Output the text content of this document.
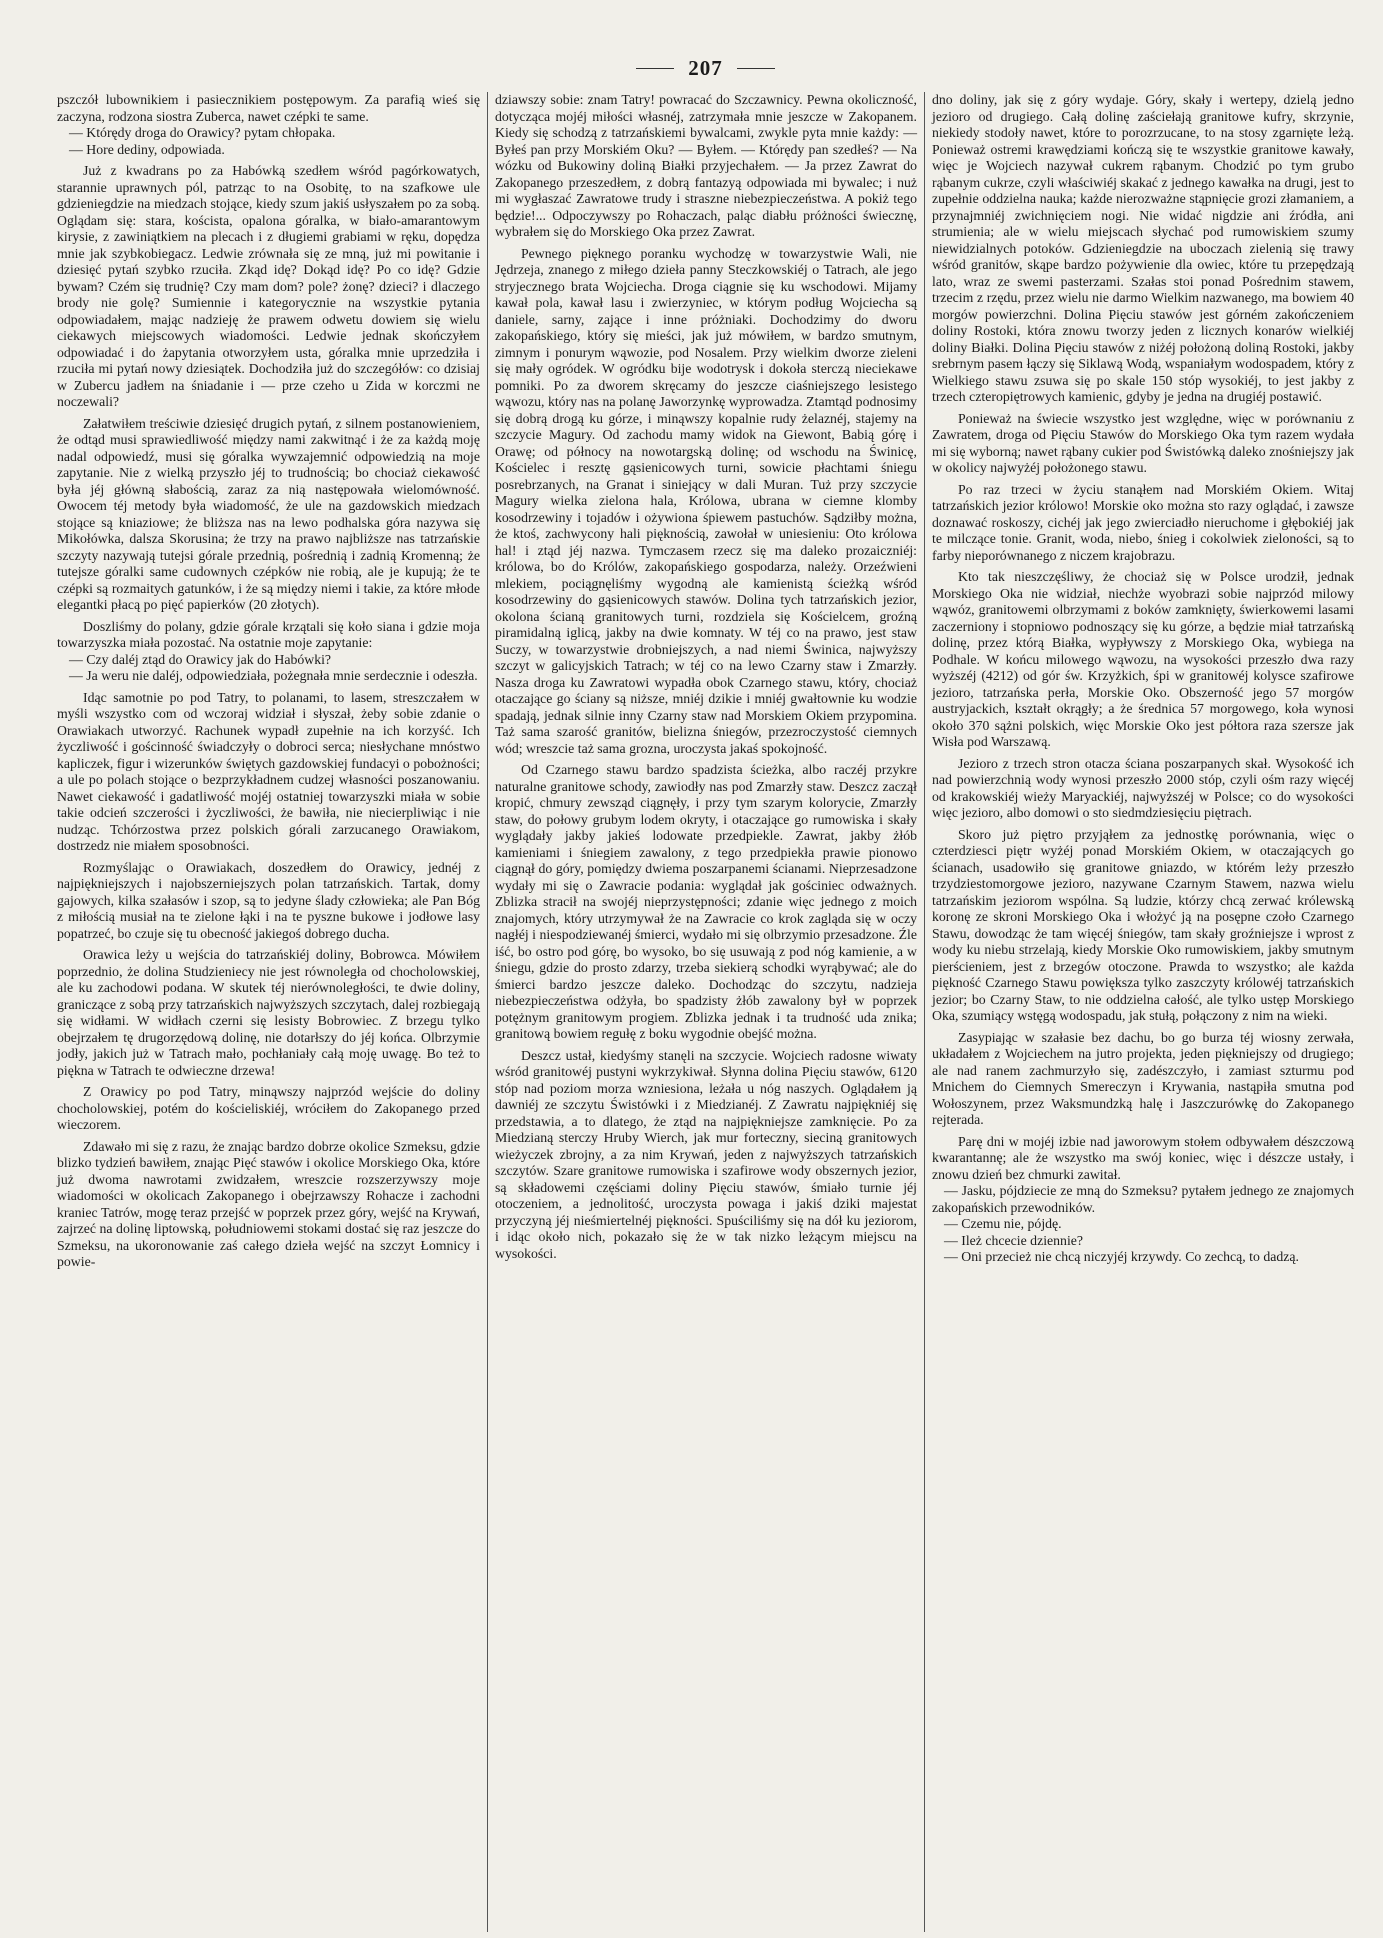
207

pszczół lubownikiem i pasiecznikiem postępowym. Za parafią wieś się zaczyna, rodzona siostra Zuberca, nawet czépki te same.

— Którędy droga do Orawicy? pytam chłopaka.

— Hore dediny, odpowiada.

Już z kwadrans po za Habówką szedłem wśród pagórkowatych, starannie uprawnych pól, patrząc to na Osobitę, to na szafkowe ule gdzieniegdzie na miedzach stojące, kiedy szum jakiś usłyszałem po za sobą. Oglądam się: stara, koścista, opalona góralka, w biało-amarantowym kirysie, z zawiniątkiem na plecach i z długiemi grabiami w ręku, dopędza mnie jak szybkobiegacz. Ledwie zrównała się ze mną, już mi powitanie i dziesięć pytań szybko rzuciła. Zkąd idę? Dokąd idę? Po co idę? Gdzie bywam? Czém się trudnię? Czy mam dom? pole? żonę? dzieci? i dlaczego brody nie golę? Sumiennie i kategorycznie na wszystkie pytania odpowiadałem, mając nadzieję że prawem odwetu dowiem się wielu ciekawych miejscowych wiadomości. Ledwie jednak skończyłem odpowiadać i do żapytania otworzyłem usta, góralka mnie uprzedziła i rzuciła mi pytań nowy dziesiątek. Dochodziła już do szczegółów: co dzisiaj w Zubercu jadłem na śniadanie i — prze czeho u Zida w korczmi ne noczewali?

Załatwiłem treściwie dziesięć drugich pytań, z silnem postanowieniem, że odtąd musi sprawiedliwość między nami zakwitnąć i że za każdą moję nadal odpowiedź, musi się góralka wywzajemnić odpowiedzią na moje zapytanie. Nie z wielką przyszło jéj to trudnością; bo chociaż ciekawość była jéj główną słabością, zaraz za nią następowała wielomówność. Owocem téj metody była wiadomość, że ule na gazdowskich miedzach stojące są kniaziowe; że bliższa nas na lewo podhalska góra nazywa się Mikołówka, dalsza Skorusina; że trzy na prawo najbliższe nas tatrzańskie szczyty nazywają tutejsi górale przednią, pośrednią i zadnią Kromenną; że tutejsze góralki same cudownych czépków nie robią, ale je kupują; że te czépki są rozmaitych gatunków, i że są między niemi i takie, za które młode elegantki płacą po pięć papierków (20 złotych).

Doszliśmy do polany, gdzie górale krzątali się koło siana i gdzie moja towarzyszka miała pozostać. Na ostatnie moje zapytanie:

— Czy daléj ztąd do Orawicy jak do Habówki?

— Ja weru nie daléj, odpowiedziała, pożegnała mnie serdecznie i odeszła.

Idąc samotnie po pod Tatry, to polanami, to lasem, streszczałem w myśli wszystko com od wczoraj widział i słyszał, żeby sobie zdanie o Orawiakach utworzyć. Rachunek wypadł zupełnie na ich korzyść. Ich życzliwość i gościnność świadczyły o dobroci serca; niesłychane mnóstwo kapliczek, figur i wizerunków świętych gazdowskiej fundacyi o pobożności; a ule po polach stojące o bezprzykładnem cudzej własności poszanowaniu. Nawet ciekawość i gadatliwość mojéj ostatniej towarzyszki miała w sobie takie odcień szczerości i życzliwości, że bawiła, nie niecierpliwiąc i nie nudząc. Tchórzostwa przez polskich górali zarzucanego Orawiakom, dostrzedz nie miałem sposobności.

Rozmyślając o Orawiakach, doszedłem do Orawicy, jednéj z najpiękniejszych i najobszerniejszych polan tatrzańskich. Tartak, domy gajowych, kilka szałasów i szop, są to jedyne ślady człowieka; ale Pan Bóg z miłością musiał na te zielone łąki i na te pyszne bukowe i jodłowe lasy popatrzeć, bo czuje się tu obecność jakiegoś dobrego ducha.

Orawica leży u wejścia do tatrzańskiéj doliny, Bobrowca. Mówiłem poprzednio, że dolina Studzieniecy nie jest równoległa od chocholowskiej, ale ku zachodowi podana. W skutek téj nierównoległości, te dwie doliny, graniczące z sobą przy tatrzańskich najwyższych szczytach, dalej rozbiegają się widłami. W widłach czerni się lesisty Bobrowiec. Z brzegu tylko obejrzałem tę drugorzędową dolinę, nie dotarłszy do jéj końca. Olbrzymie jodły, jakich już w Tatrach mało, pochłaniały całą moję uwagę. Bo też to piękna w Tatrach te odwieczne drzewa!

Z Orawicy po pod Tatry, minąwszy najprzód wejście do doliny chocholowskiej, potém do kościeliskiéj, wróciłem do Zakopanego przed wieczorem.

Zdawało mi się z razu, że znając bardzo dobrze okolice Szmeksu, gdzie blizko tydzień bawiłem, znając Pięć stawów i okolice Morskiego Oka, które już dwoma nawrotami zwidzałem, wreszcie rozszerzywszy moje wiadomości w okolicach Zakopanego i obejrzawszy Rohacze i zachodni kraniec Tatrów, mogę teraz przejść w poprzek przez góry, wejść na Krywań, zajrzeć na dolinę liptowską, południowemi stokami dostać się raz jeszcze do Szmeksu, na ukoronowanie zaś całego dzieła wejść na szczyt Łomnicy i powie-

dziawszy sobie: znam Tatry! powracać do Szczawnicy. Pewna okoliczność, dotycząca mojéj miłości własnéj, zatrzymała mnie jeszcze w Zakopanem. Kiedy się schodzą z tatrzańskiemi bywalcami, zwykle pyta mnie każdy: — Byłeś pan przy Morskiém Oku? — Byłem. — Którędy pan szedłeś? — Na wózku od Bukowiny doliną Białki przyjechałem. — Ja przez Zawrat do Zakopanego przeszedłem, z dobrą fantazyą odpowiada mi bywalec; i nuż mi wygłaszać Zawratowe trudy i straszne niebezpieczeństwa. A pokiż tego będzie!... Odpoczywszy po Rohaczach, paląc diabłu próżności świecznę, wybrałem się do Morskiego Oka przez Zawrat.

Pewnego pięknego poranku wychodzę w towarzystwie Wali, nie Jędrzeja, znanego z miłego dzieła panny Steczkowskiéj o Tatrach, ale jego stryjecznego brata Wojciecha. Droga ciągnie się ku wschodowi. Mijamy kawał pola, kawał lasu i zwierzyniec, w którym podług Wojciecha są daniele, sarny, zające i inne próżniaki. Dochodzimy do dworu zakopańskiego, który się mieści, jak już mówiłem, w bardzo smutnym, zimnym i ponurym wąwozie, pod Nosalem. Przy wielkim dworze zieleni się mały ogródek. W ogródku bije wodotrysk i dokoła sterczą nieciekawe pomniki. Po za dworem skręcamy do jeszcze ciaśniejszego lesistego wąwozu, który nas na polanę Jaworzynkę wyprowadza. Ztamtąd podnosimy się dobrą drogą ku górze, i minąwszy kopalnie rudy żelaznéj, stajemy na szczycie Magury. Od zachodu mamy widok na Giewont, Babią górę i Orawę; od północy na nowotargską dolinę; od wschodu na Świnicę, Kościelec i resztę gąsienicowych turni, sowicie płachtami śniegu posrebrzanych, na Granat i siniejący w dali Muran. Tuż przy szczycie Magury wielka zielona hala, Królowa, ubrana w ciemne klomby kosodrzewiny i tojadów i ożywiona śpiewem pastuchów. Sądziłby można, że ktoś, zachwycony hali pięknością, zawołał w uniesieniu: Oto królowa hal! i ztąd jéj nazwa. Tymczasem rzecz się ma daleko prozaiczniéj: królowa, bo do Królów, zakopańskiego gospodarza, należy. Orzeźwieni mlekiem, pociągnęliśmy wygodną ale kamienistą ścieżką wśród kosodrzewiny do gąsienicowych stawów. Dolina tych tatrzańskich jezior, okolona ścianą granitowych turni, rozdziela się Kościelcem, groźną piramidalną iglicą, jakby na dwie komnaty. W téj co na prawo, jest staw Suczy, w towarzystwie drobniejszych, a nad niemi Świnica, najwyższy szczyt w galicyjskich Tatrach; w téj co na lewo Czarny staw i Zmarzły. Nasza droga ku Zawratowi wypadła obok Czarnego stawu, który, chociaż otaczające go ściany są niższe, mniéj dzikie i mniéj gwałtownie ku wodzie spadają, jednak silnie inny Czarny staw nad Morskiem Okiem przypomina. Taż sama szarość granitów, bielizna śniegów, przezroczystość ciemnych wód; wreszcie taż sama grozna, uroczysta jakaś spokojność.

Od Czarnego stawu bardzo spadzista ścieżka, albo raczéj przykre naturalne granitowe schody, zawiodły nas pod Zmarzły staw. Deszcz zaczął kropić, chmury zewsząd ciągnęły, i przy tym szarym kolorycie, Zmarzły staw, do połowy grubym lodem okryty, i otaczające go rumowiska i skały wyglądały jakby jakieś lodowate przedpiekle. Zawrat, jakby żłób kamieniami i śniegiem zawalony, z tego przedpiekła prawie pionowo ciągnął do góry, pomiędzy dwiema poszarpanemi ścianami. Nieprzesadzone wydały mi się o Zawracie podania: wyglądał jak gościniec odważnych. Zblizka stracił na swojéj nieprzystępności; zdanie więc jednego z moich znajomych, który utrzymywał że na Zawracie co krok zagląda się w oczy nagłéj i niespodziewanéj śmierci, wydało mi się olbrzymio przesadzone. Źle iść, bo ostro pod górę, bo wysoko, bo się usuwają z pod nóg kamienie, a w śniegu, gdzie do prosto zdarzy, trzeba siekierą schodki wyrąbywać; ale do śmierci bardzo jeszcze daleko. Dochodząc do szczytu, nadzieja niebezpieczeństwa odżyła, bo spadzisty żłób zawalony był w poprzek potężnym granitowym progiem. Zblizka jednak i ta trudność uda znika; granitową bowiem regułę z boku wygodnie obejść można.

Deszcz ustał, kiedyśmy stanęli na szczycie. Wojciech radosne wiwaty wśród granitowéj pustyni wykrzykiwał. Słynna dolina Pięciu stawów, 6120 stóp nad poziom morza wzniesiona, leżała u nóg naszych. Oglądałem ją dawniéj ze szczytu Świstówki i z Miedzianéj. Z Zawratu najpiękniéj się przedstawia, a to dlatego, że ztąd na najpiękniejsze zamknięcie. Po za Miedzianą sterczy Hruby Wierch, jak mur forteczny, sieciną granitowych wieżyczek zbrojny, a za nim Krywań, jeden z najwyższych tatrzańskich szczytów. Szare granitowe rumowiska i szafirowe wody obszernych jezior, są składowemi częściami doliny Pięciu stawów, śmiało turnie jéj otoczeniem, a jednolitość, uroczysta powaga i jakiś dziki majestat przyczyną jéj nieśmiertelnéj piękności. Spuściliśmy się na dół ku jeziorom, i idąc około nich, pokazało się że w tak nizko leżącym miejscu na wysokości.

dno doliny, jak się z góry wydaje. Góry, skały i wertepy, dzielą jedno jezioro od drugiego. Całą dolinę zaściełają granitowe kufry, skrzynie, niekiedy stodoły nawet, które to porozrzucane, to na stosy zgarnięte leżą. Ponieważ ostremi krawędziami kończą się te wszystkie granitowe kawały, więc je Wojciech nazywał cukrem rąbanym. Chodzić po tym grubo rąbanym cukrze, czyli właściwiéj skakać z jednego kawałka na drugi, jest to zupełnie oddzielna nauka; każde nierozważne stąpnięcie grozi złamaniem, a przynajmniéj zwichnięciem nogi. Nie widać nigdzie ani źródła, ani strumienia; ale w wielu miejscach słychać pod rumowiskiem szumy niewidzialnych potoków. Gdzieniegdzie na uboczach zielenią się trawy wśród granitów, skąpe bardzo pożywienie dla owiec, które tu przepędzają lato, wraz ze swemi pasterzami. Szałas stoi ponad Pośrednim stawem, trzecim z rzędu, przez wielu nie darmo Wielkim nazwanego, ma bowiem 40 morgów powierzchni. Dolina Pięciu stawów jest górném zakończeniem doliny Rostoki, która znowu tworzy jeden z licznych konarów wielkiéj doliny Białki. Dolina Pięciu stawów z niżéj położoną doliną Rostoki, jakby srebrnym pasem łączy się Siklawą Wodą, wspaniałym wodospadem, który z Wielkiego stawu zsuwa się po skale 150 stóp wysokiéj, to jest jakby z trzech czteropiętrowych kamienic, gdyby je jedna na drugiéj postawić.

Ponieważ na świecie wszystko jest względne, więc w porównaniu z Zawratem, droga od Pięciu Stawów do Morskiego Oka tym razem wydała mi się wyborną; nawet rąbany cukier pod Świstówką daleko znośniejszy jak w okolicy najwyżéj położonego stawu.

Po raz trzeci w życiu stanąłem nad Morskiém Okiem. Witaj tatrzańskich jezior królowo! Morskie oko można sto razy oglądać, i zawsze doznawać roskoszy, cichéj jak jego zwierciadło nieruchome i głębokiéj jak te milczące tonie. Granit, woda, niebo, śnieg i cokolwiek zieloności, są to farby nieporównanego z niczem krajobrazu.

Kto tak nieszczęśliwy, że chociaż się w Polsce urodził, jednak Morskiego Oka nie widział, niechże wyobrazi sobie najprzód milowy wąwóz, granitowemi olbrzymami z boków zamknięty, świerkowemi lasami zaczerniony i stopniowo podnoszący się ku górze, a będzie miał tatrzańską dolinę, przez którą Białka, wypływszy z Morskiego Oka, wybiega na Podhale. W końcu milowego wąwozu, na wysokości przeszło dwa razy wyższéj (4212) od gór św. Krzyżkich, śpi w granitowéj kolysce szafirowe jezioro, tatrzańska perła, Morskie Oko. Obszerność jego 57 morgów austryjackich, kształt okrągły; a że średnica 57 morgowego, koła wynosi około 370 sążni polskich, więc Morskie Oko jest półtora raza szersze jak Wisła pod Warszawą.

Jezioro z trzech stron otacza ściana poszarpanych skał. Wysokość ich nad powierzchnią wody wynosi przeszło 2000 stóp, czyli ośm razy więcéj od krakowskiéj wieży Maryackiéj, najwyższéj w Polsce; co do wysokości więc jezioro, albo domowi o sto siedmdziesięciu piętrach.

Skoro już piętro przyjąłem za jednostkę porównania, więc o czterdziesci piętr wyżéj ponad Morskiém Okiem, w otaczających go ścianach, usadowiło się granitowe gniazdo, w którém leży przeszło trzydziestomorgowe jezioro, nazywane Czarnym Stawem, nazwa wielu tatrzańskim jeziorom wspólna. Są ludzie, którzy chcą zerwać królewską koronę ze skroni Morskiego Oka i włożyć ją na posępne czoło Czarnego Stawu, dowodząc że tam więcéj śniegów, tam skały groźniejsze i wprost z wody ku niebu strzelają, kiedy Morskie Oko rumowiskiem, jakby smutnym pierścieniem, jest z brzegów otoczone. Prawda to wszystko; ale każda piękność Czarnego Stawu powiększa tylko zaszczyty królowéj tatrzańskich jezior; bo Czarny Staw, to nie oddzielna całość, ale tylko ustęp Morskiego Oka, szumiący wstęgą wodospadu, jak stułą, połączony z nim na wieki.

Zasypiając w szałasie bez dachu, bo go burza téj wiosny zerwała, układałem z Wojciechem na jutro projekta, jeden piękniejszy od drugiego; ale nad ranem zachmurzyło się, zadészczyło, i zamiast szturmu pod Mnichem do Ciemnych Smereczyn i Krywania, nastąpiła smutna pod Wołoszynem, przez Waksmundzką halę i Jaszczurówkę do Zakopanego rejterada.

Parę dni w mojéj izbie nad jaworowym stołem odbywałem dészczową kwarantannę; ale że wszystko ma swój koniec, więc i dészcze ustały, i znowu dzień bez chmurki zawitał.

— Jasku, pójdziecie ze mną do Szmeksu? pytałem jednego ze znajomych zakopańskich przewodników.

— Czemu nie, pójdę.

— Ileż chcecie dziennie?

— Oni przecież nie chcą niczyjéj krzywdy. Co zechcą, to dadzą.
